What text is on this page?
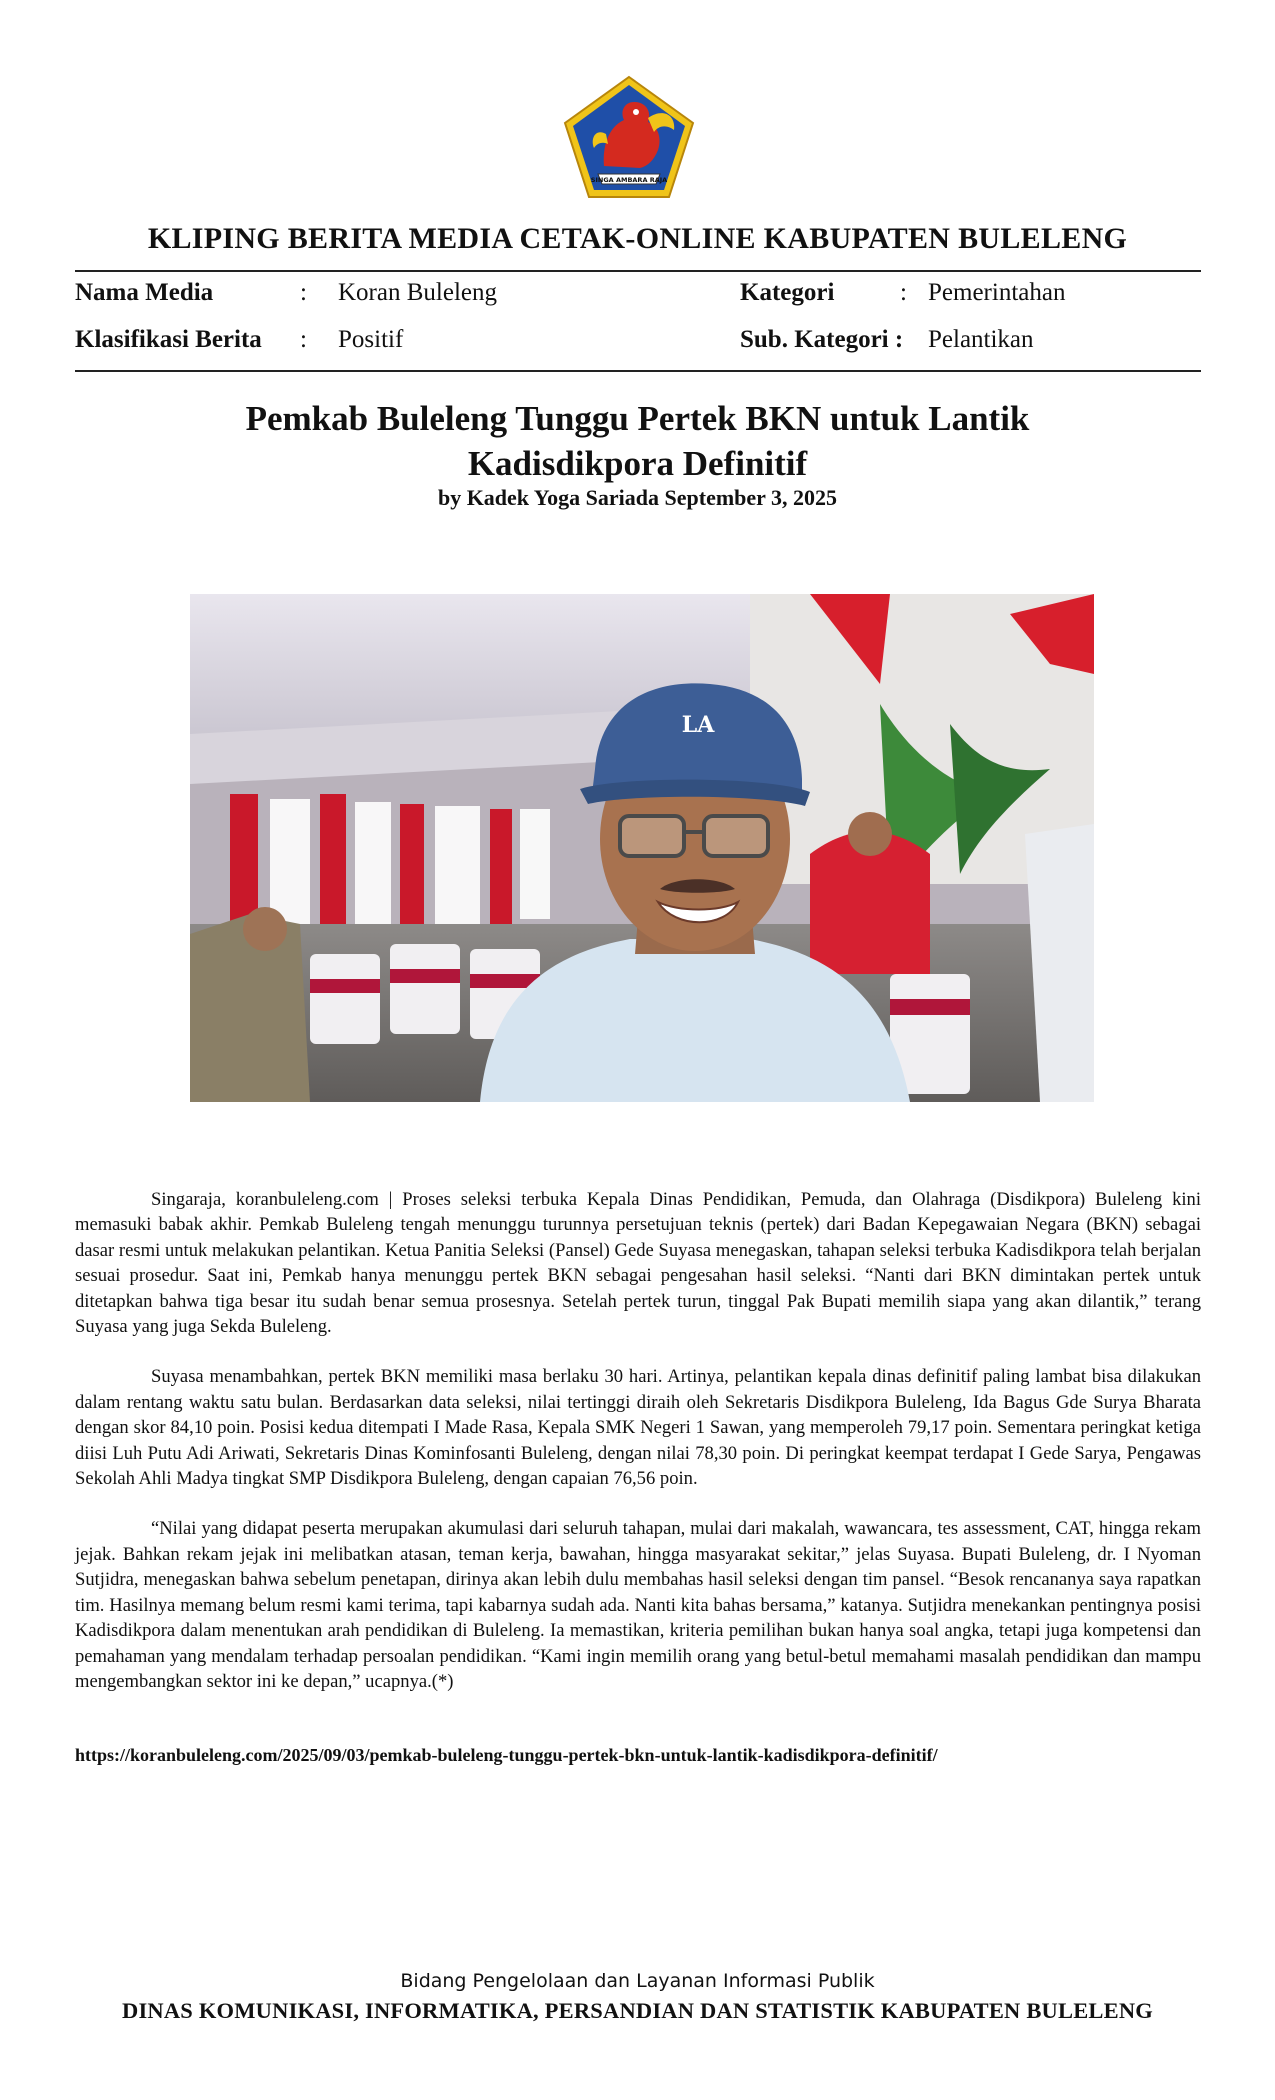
SINGA AMBARA RAJA
KLIPING BERITA MEDIA CETAK-ONLINE KABUPATEN BULELENG
Nama Media	: Koran Buleleng	Kategori	: Pemerintahan
Klasifikasi Berita : Positif	Sub. Kategori : Pelantikan
Pemkab Buleleng Tunggu Pertek BKN untuk Lantik
Kadisdikpora Definitif
by Kadek Yoga Sariada September 3, 2025
LA

Singaraja, koranbuleleng.com | Proses seleksi terbuka Kepala Dinas Pendidikan, Pemuda, dan Olahraga (Disdikpora) Buleleng kini memasuki babak akhir. Pemkab Buleleng tengah menunggu turunnya persetujuan teknis (pertek) dari Badan Kepegawaian Negara (BKN) sebagai dasar resmi untuk melakukan pelantikan. Ketua Panitia Seleksi (Pansel) Gede Suyasa menegaskan, tahapan seleksi terbuka Kadisdikpora telah berjalan sesuai prosedur. Saat ini, Pemkab hanya menunggu pertek BKN sebagai pengesahan hasil seleksi. “Nanti dari BKN dimintakan pertek untuk ditetapkan bahwa tiga besar itu sudah benar semua prosesnya. Setelah pertek turun, tinggal Pak Bupati memilih siapa yang akan dilantik,” terang Suyasa yang juga Sekda Buleleng.

Suyasa menambahkan, pertek BKN memiliki masa berlaku 30 hari. Artinya, pelantikan kepala dinas definitif paling lambat bisa dilakukan dalam rentang waktu satu bulan. Berdasarkan data seleksi, nilai tertinggi diraih oleh Sekretaris Disdikpora Buleleng, Ida Bagus Gde Surya Bharata dengan skor 84,10 poin. Posisi kedua ditempati I Made Rasa, Kepala SMK Negeri 1 Sawan, yang memperoleh 79,17 poin. Sementara peringkat ketiga diisi Luh Putu Adi Ariwati, Sekretaris Dinas Kominfosanti Buleleng, dengan nilai 78,30 poin. Di peringkat keempat terdapat I Gede Sarya, Pengawas Sekolah Ahli Madya tingkat SMP Disdikpora Buleleng, dengan capaian 76,56 poin.

“Nilai yang didapat peserta merupakan akumulasi dari seluruh tahapan, mulai dari makalah, wawancara, tes assessment, CAT, hingga rekam jejak. Bahkan rekam jejak ini melibatkan atasan, teman kerja, bawahan, hingga masyarakat sekitar,” jelas Suyasa. Bupati Buleleng, dr. I Nyoman Sutjidra, menegaskan bahwa sebelum penetapan, dirinya akan lebih dulu membahas hasil seleksi dengan tim pansel. “Besok rencananya saya rapatkan tim. Hasilnya memang belum resmi kami terima, tapi kabarnya sudah ada. Nanti kita bahas bersama,” katanya. Sutjidra menekankan pentingnya posisi Kadisdikpora dalam menentukan arah pendidikan di Buleleng. Ia memastikan, kriteria pemilihan bukan hanya soal angka, tetapi juga kompetensi dan pemahaman yang mendalam terhadap persoalan pendidikan. “Kami ingin memilih orang yang betul-betul memahami masalah pendidikan dan mampu mengembangkan sektor ini ke depan,” ucapnya.(*)

https://koranbuleleng.com/2025/09/03/pemkab-buleleng-tunggu-pertek-bkn-untuk-lantik-kadisdikpora-definitif/
Bidang Pengelolaan dan Layanan Informasi Publik
DINAS KOMUNIKASI, INFORMATIKA, PERSANDIAN DAN STATISTIK KABUPATEN BULELENG
